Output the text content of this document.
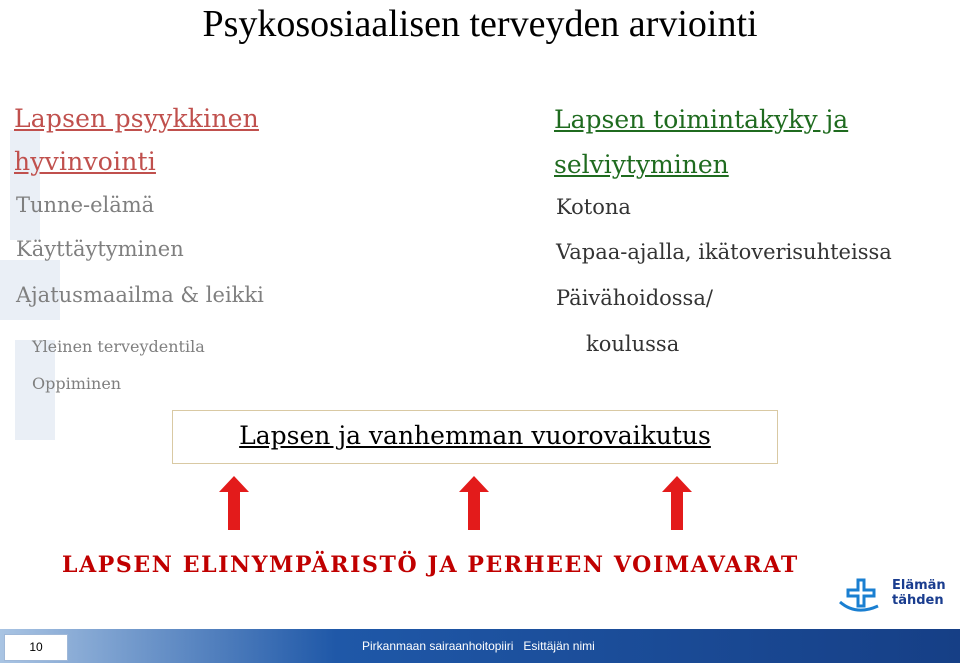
Psykososiaalisen terveyden arviointi
Lapsen psyykkinen
hyvinvointi
Tunne-elämä
Käyttäytyminen
Ajatusmaailma & leikki
Yleinen terveydentila
Oppiminen
Lapsen toimintakyky ja
selviytyminen
Kotona
Vapaa-ajalla, ikätoverisuhteissa
Päivähoidossa/
koulussa
Lapsen ja vanhemman vuorovaikutus
LAPSEN ELINYMPÄRISTÖ JA PERHEEN VOIMAVARAT
Elämän
tähden
10	Pirkanmaan sairaanhoitopiiri Esittäjän nimi
